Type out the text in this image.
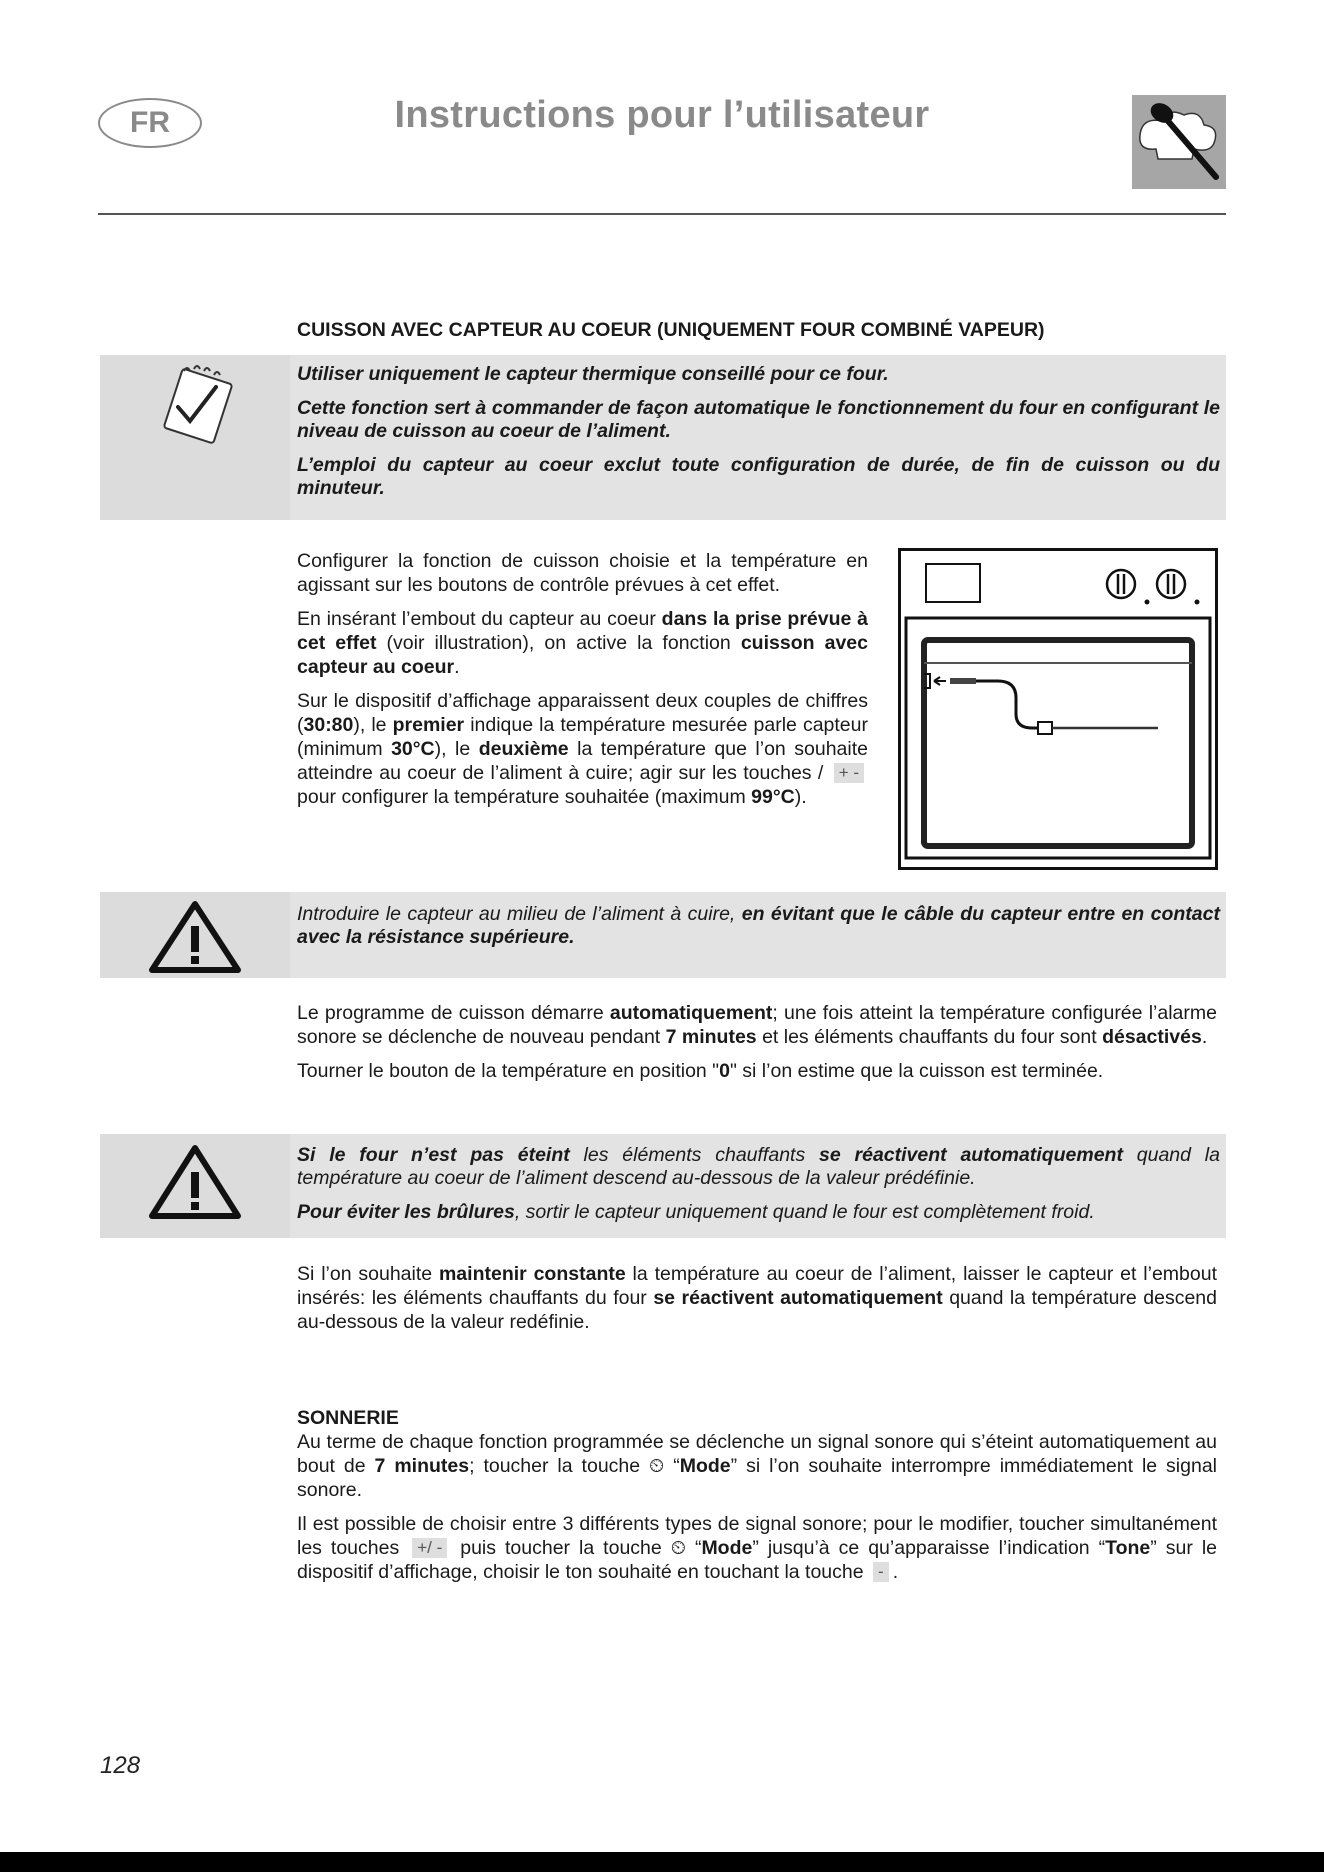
FR	Instructions pour l’utilisateur
CUISSON AVEC CAPTEUR AU COEUR (UNIQUEMENT FOUR COMBINÉ VAPEUR)

Utiliser uniquement le capteur thermique conseillé pour ce four.

Cette fonction sert à commander de façon automatique le fonctionnement du four en configurant le niveau de cuisson au coeur de l’aliment.

L’emploi du capteur au coeur exclut toute configuration de durée, de fin de cuisson ou du minuteur.

Configurer la fonction de cuisson choisie et la température en agissant sur les boutons de contrôle prévues à cet effet.

En insérant l’embout du capteur au coeur dans la prise prévue à cet effet (voir illustration), on active la fonction cuisson avec capteur au coeur.

Sur le dispositif d’affichage apparaissent deux couples de chiffres (30:80), le premier indique la température mesurée parle capteur (minimum 30°C), le deuxième la température que l’on souhaite atteindre au coeur de l’aliment à cuire; agir sur les touches / + -pour configurer la température souhaitée (maximum 99°C).

Introduire le capteur au milieu de l’aliment à cuire, en évitant que le câble du capteur entre en contact avec la résistance supérieure.

Le programme de cuisson démarre automatiquement; une fois atteint la température configurée l’alarme sonore se déclenche de nouveau pendant 7 minutes et les éléments chauffants du four sont désactivés.

Tourner le bouton de la température en position "0" si l’on estime que la cuisson est terminée.

Si le four n’est pas éteint les éléments chauffants se réactivent automatiquement quand la température au coeur de l’aliment descend au-dessous de la valeur prédéfinie.

Pour éviter les brûlures, sortir le capteur uniquement quand le four est complètement froid.

Si l’on souhaite maintenir constante la température au coeur de l’aliment, laisser le capteur et l’embout insérés: les éléments chauffants du four se réactivent automatiquement quand la température descend au-dessous de la valeur redéfinie.

SONNERIE

Au terme de chaque fonction programmée se déclenche un signal sonore qui s’éteint automatiquement au bout de 7 minutes; toucher la touche ⏲ “Mode” si l’on souhaite interrompre immédiatement le signal sonore.

Il est possible de choisir entre 3 différents types de signal sonore; pour le modifier, toucher simultanément les touches +/ - puis toucher la touche ⏲ “Mode” jusqu’à ce qu’apparaisse l’indication “Tone” sur le dispositif d’affichage, choisir le ton souhaité en touchant la touche - .

128
